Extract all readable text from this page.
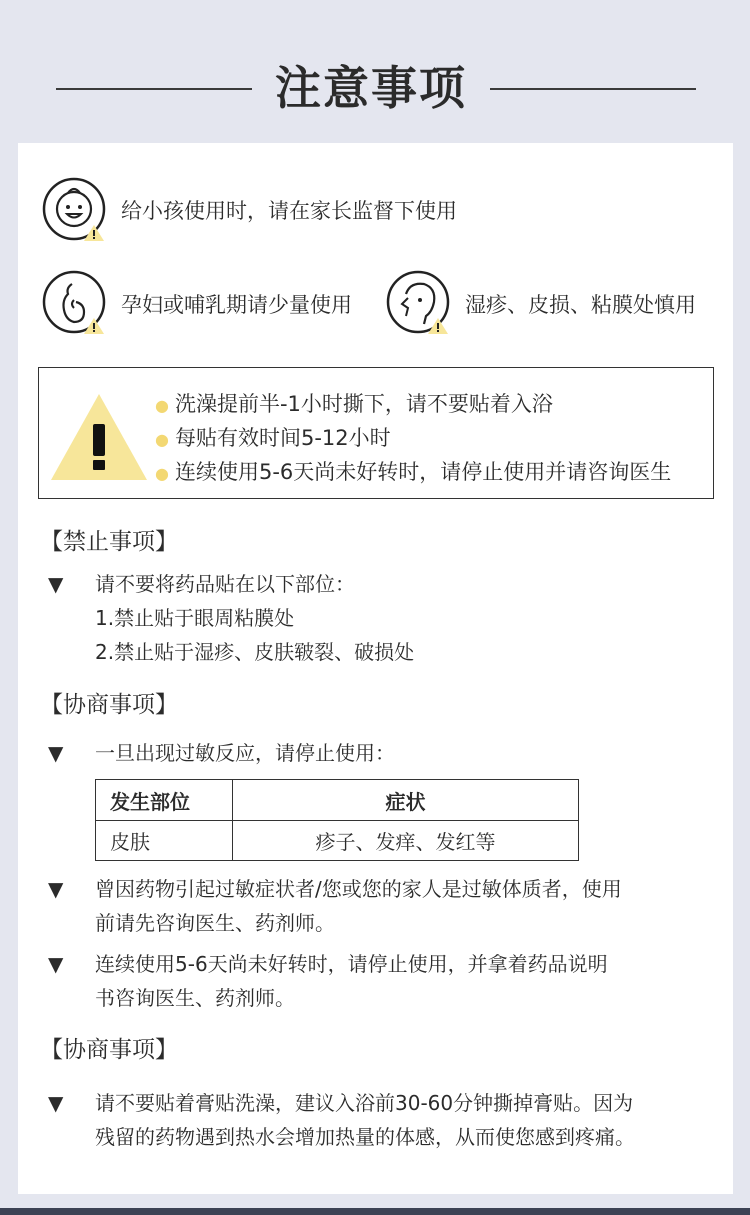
注意事项
给小孩使用时，请在家长监督下使用
孕妇或哺乳期请少量使用	湿疹、皮损、粘膜处慎用
● 洗澡提前半-1小时撕下，请不要贴着入浴
● 每贴有效时间5-12小时
● 连续使用5-6天尚未好转时，请停止使用并请咨询医生
【禁止事项】
▼ 请不要将药品贴在以下部位：
1.禁止贴于眼周粘膜处
2.禁止贴于湿疹、皮肤皲裂、破损处
【协商事项】
▼ 一旦出现过敏反应，请停止使用：
发生部位	症状
皮肤	疹子、发痒、发红等
▼ 曾因药物引起过敏症状者/您或您的家人是过敏体质者，使用
前请先咨询医生、药剂师。
▼ 连续使用5-6天尚未好转时，请停止使用，并拿着药品说明
书咨询医生、药剂师。
【协商事项】
▼ 请不要贴着膏贴洗澡，建议入浴前30-60分钟撕掉膏贴。因为
残留的药物遇到热水会增加热量的体感，从而使您感到疼痛。
